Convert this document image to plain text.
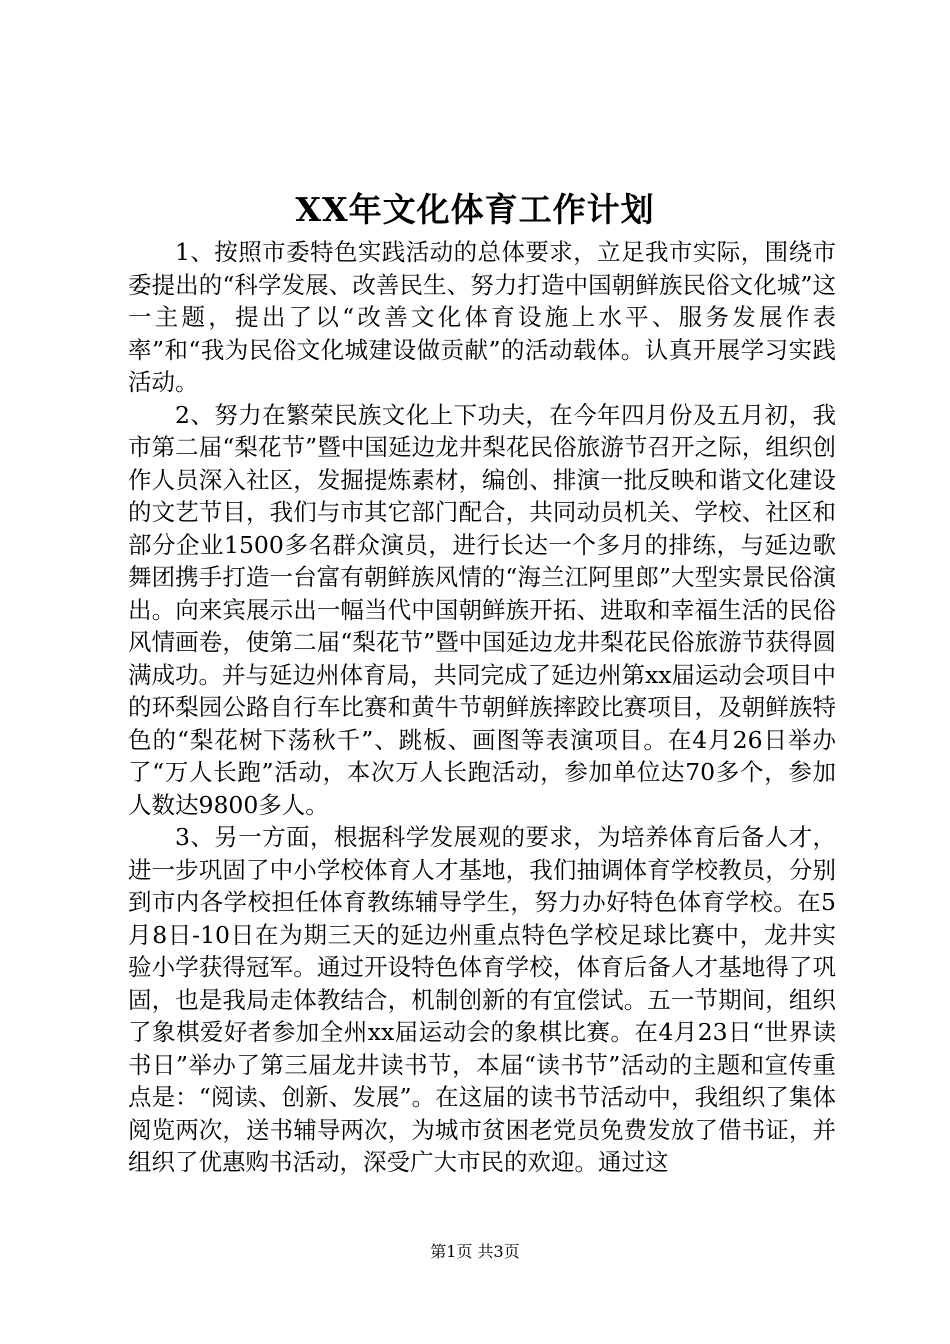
XX年文化体育工作计划

1、按照市委特色实践活动的总体要求，立足我市实际，围绕市委提出的“科学发展、改善民生、努力打造中国朝鲜族民俗文化城”这一主题，提出了以“改善文化体育设施上水平、服务发展作表率”和“我为民俗文化城建设做贡献”的活动载体。认真开展学习实践活动。

2、努力在繁荣民族文化上下功夫，在今年四月份及五月初，我市第二届“梨花节”暨中国延边龙井梨花民俗旅游节召开之际，组织创作人员深入社区，发掘提炼素材，编创、排演一批反映和谐文化建设的文艺节目，我们与市其它部门配合，共同动员机关、学校、社区和部分企业1500多名群众演员，进行长达一个多月的排练，与延边歌舞团携手打造一台富有朝鲜族风情的“海兰江阿里郎”大型实景民俗演出。向来宾展示出一幅当代中国朝鲜族开拓、进取和幸福生活的民俗风情画卷，使第二届“梨花节”暨中国延边龙井梨花民俗旅游节获得圆满成功。并与延边州体育局，共同完成了延边州第xx届运动会项目中的环梨园公路自行车比赛和黄牛节朝鲜族摔跤比赛项目，及朝鲜族特色的“梨花树下荡秋千”、跳板、画图等表演项目。在4月26日举办了“万人长跑”活动，本次万人长跑活动，参加单位达70多个，参加人数达9800多人。

3、另一方面，根据科学发展观的要求，为培养体育后备人才，进一步巩固了中小学校体育人才基地，我们抽调体育学校教员，分别到市内各学校担任体育教练辅导学生，努力办好特色体育学校。在5月8日-10日在为期三天的延边州重点特色学校足球比赛中，龙井实验小学获得冠军。通过开设特色体育学校，体育后备人才基地得了巩固，也是我局走体教结合，机制创新的有宜偿试。五一节期间，组织了象棋爱好者参加全州xx届运动会的象棋比赛。在4月23日“世界读书日”举办了第三届龙井读书节，本届“读书节”活动的主题和宣传重点是：“阅读、创新、发展”。在这届的读书节活动中，我组织了集体阅览两次，送书辅导两次，为城市贫困老党员免费发放了借书证，并组织了优惠购书活动，深受广大市民的欢迎。通过这

第1页 共3页
